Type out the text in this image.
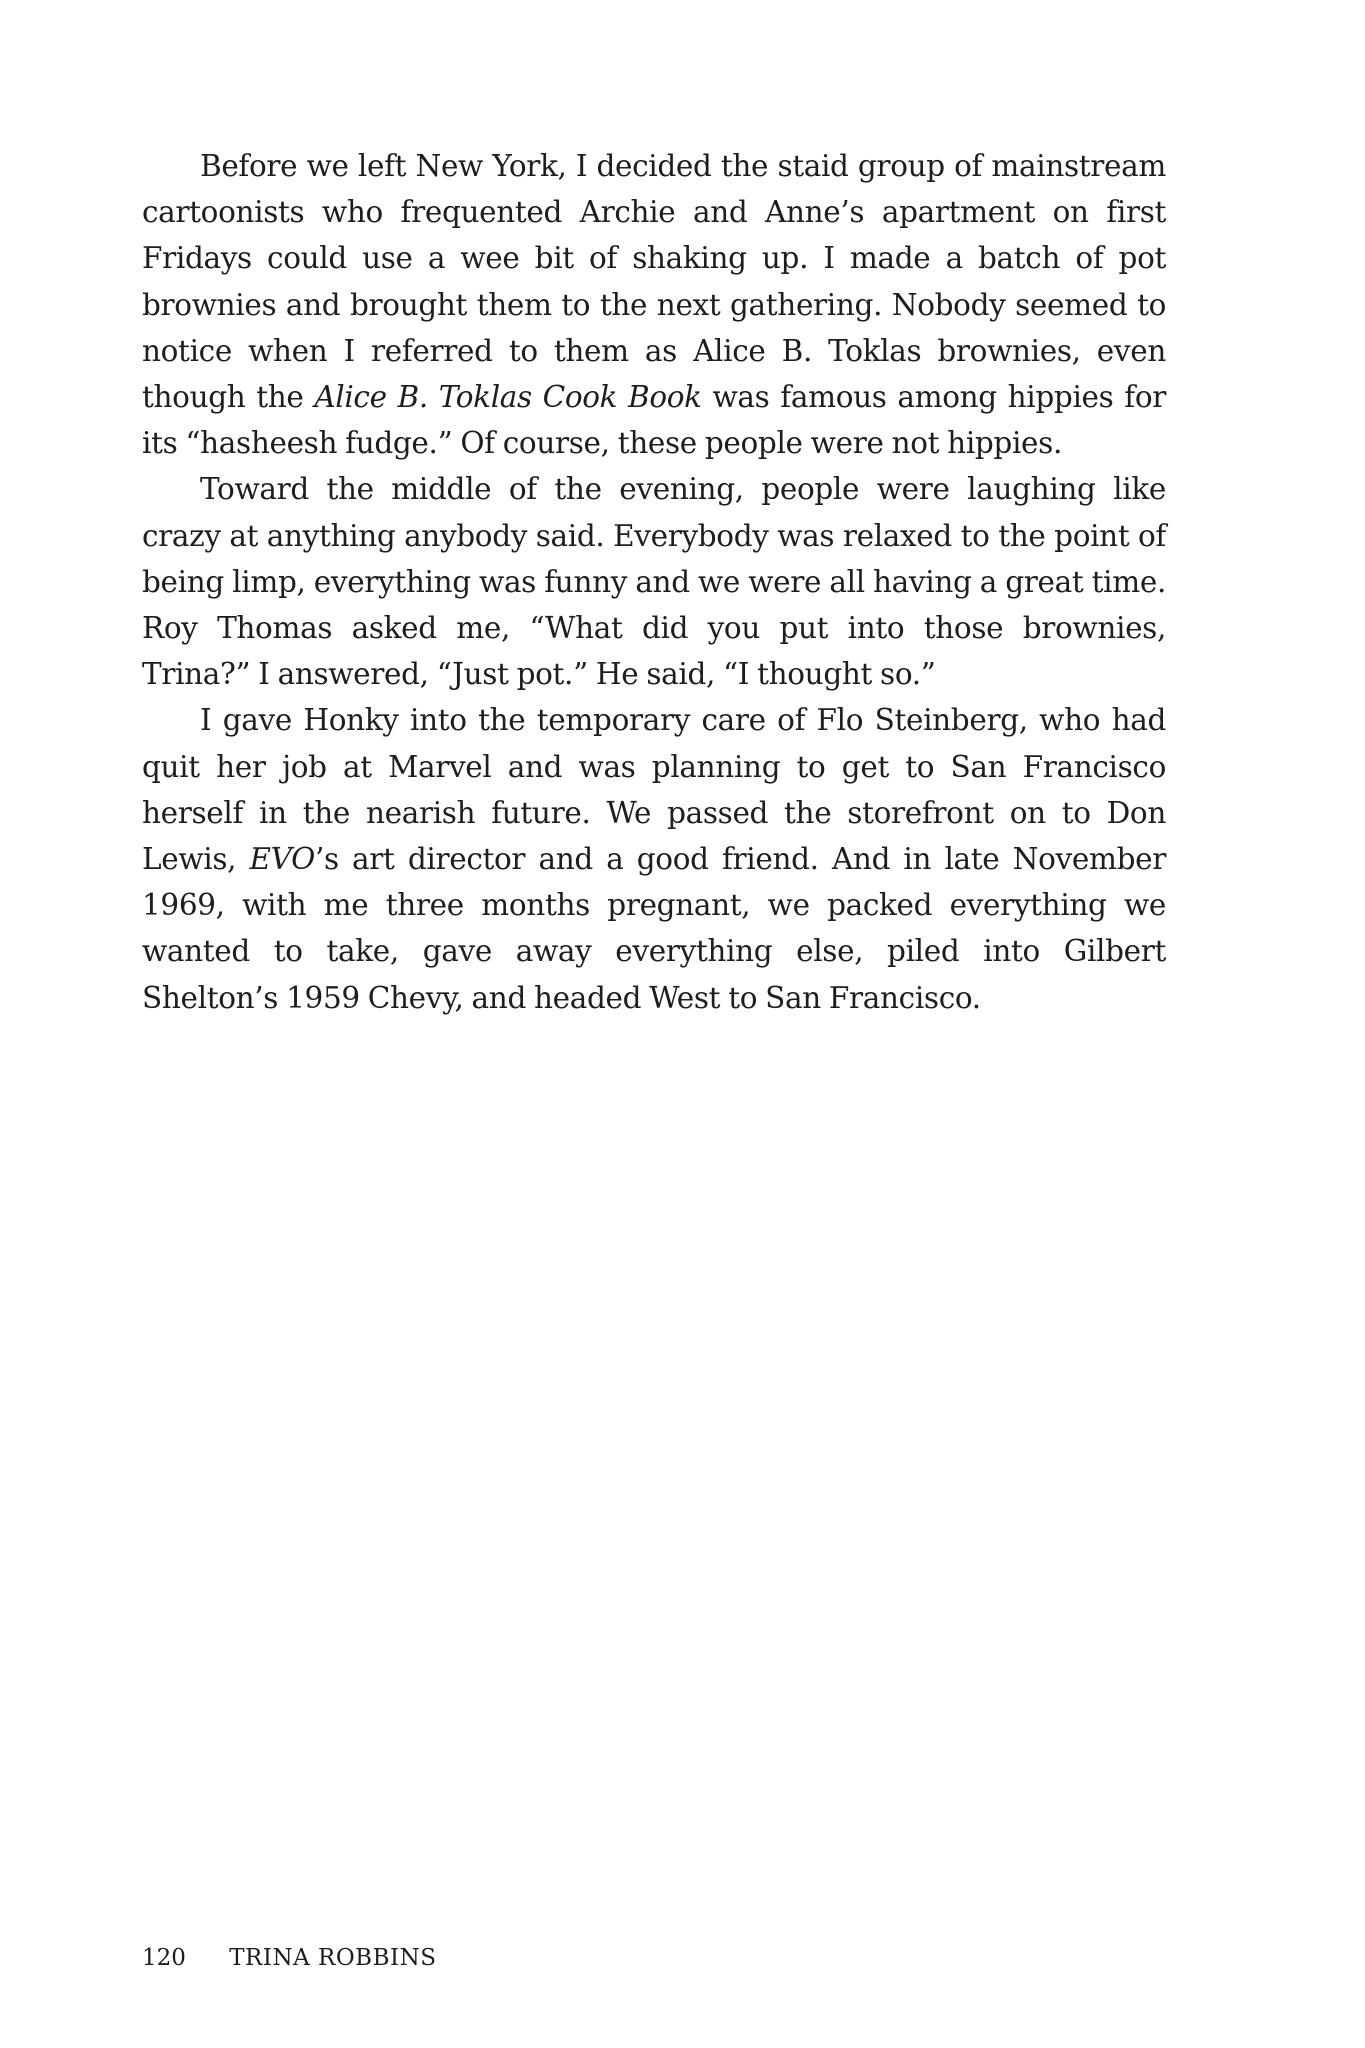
Before we left New York, I decided the staid group of mainstream cartoonists who frequented Archie and Anne’s apartment on first Fridays could use a wee bit of shaking up. I made a batch of pot brownies and brought them to the next gathering. Nobody seemed to notice when I referred to them as Alice B. Toklas brownies, even though the Alice B. Toklas Cook Book was famous among hippies for its “hasheesh fudge.” Of course, these people were not hippies.

Toward the middle of the evening, people were laughing like crazy at anything anybody said. Everybody was relaxed to the point of being limp, everything was funny and we were all having a great time. Roy Thomas asked me, “What did you put into those brownies, Trina?” I answered, “Just pot.” He said, “I thought so.”

I gave Honky into the temporary care of Flo Steinberg, who had quit her job at Marvel and was planning to get to San Francisco herself in the nearish future. We passed the storefront on to Don Lewis, EVO’s art director and a good friend. And in late November 1969, with me three months pregnant, we packed everything we wanted to take, gave away everything else, piled into Gilbert Shelton’s 1959 Chevy, and headed West to San Francisco.

120 TRINA ROBBINS
